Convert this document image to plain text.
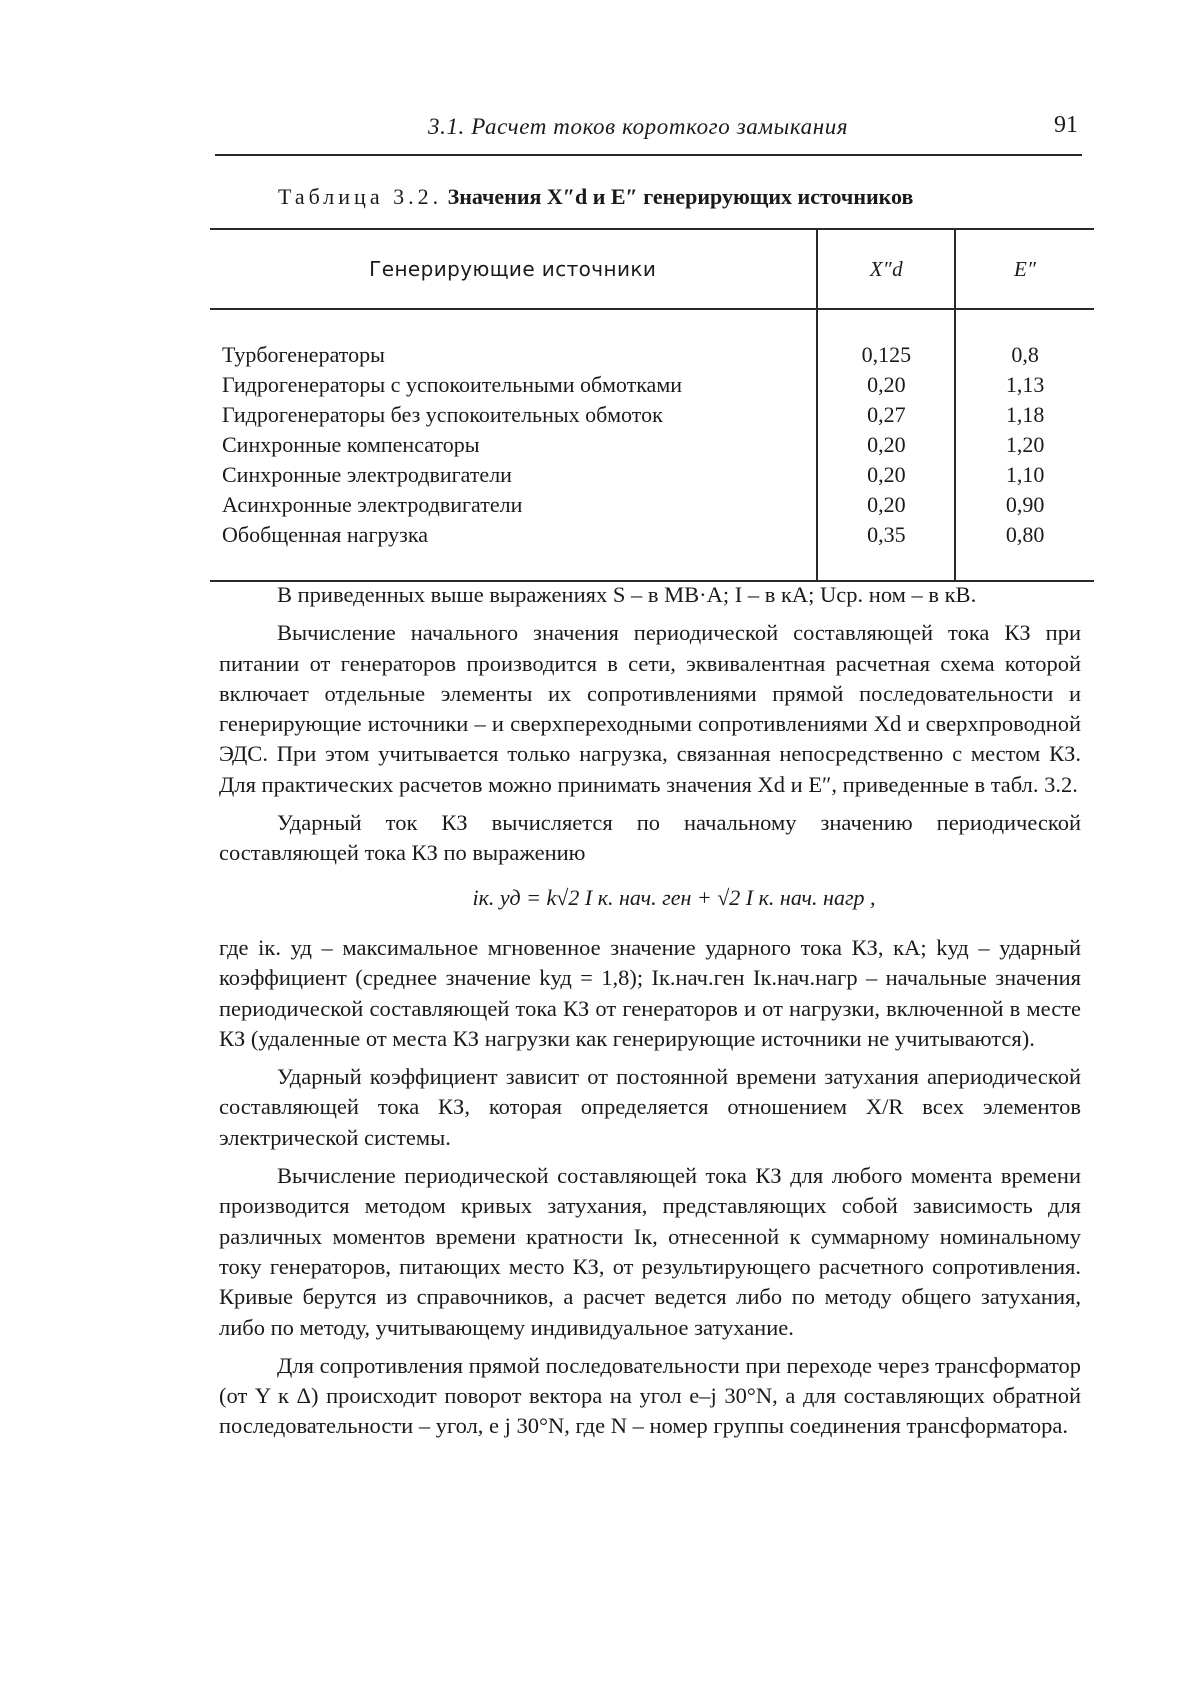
3.1. Расчет токов короткого замыкания	91
Таблица 3.2. Значения X″d и E″ генерирующих источников
Генерирующие источники	X″d	E″
Турбогенераторы	0,125	0,8
Гидрогенераторы с успокоительными обмотками	0,20	1,13
Гидрогенераторы без успокоительных обмоток	0,27	1,18
Синхронные компенсаторы	0,20	1,20
Синхронные электродвигатели	0,20	1,10
Асинхронные электродвигатели	0,20	0,90
Обобщенная нагрузка	0,35	0,80

В приведенных выше выражениях S – в МВ·А; I – в кА; Uср. ном – в кВ.

Вычисление начального значения периодической составляющей тока КЗ при питании от генераторов производится в сети, эквивалентная расчетная схема которой включает отдельные элементы их сопротивлениями прямой последовательности и генерирующие источники – и сверхпереходными сопротивлениями Xd и сверхпроводной ЭДС. При этом учитывается только нагрузка, связанная непосредственно с местом КЗ. Для практических расчетов можно принимать значения Xd и E″, приведенные в табл. 3.2.

Ударный ток КЗ вычисляется по начальному значению периодической составляющей тока КЗ по выражению

iк. уд = k√2 I к. нач. ген + √2 I к. нач. нагр ,

где iк. уд – максимальное мгновенное значение ударного тока КЗ, кА; kуд – ударный коэффициент (среднее значение kуд = 1,8); Iк.нач.ген Iк.нач.нагр – начальные значения периодической составляющей тока КЗ от генераторов и от нагрузки, включенной в месте КЗ (удаленные от места КЗ нагрузки как генерирующие источники не учитываются).

Ударный коэффициент зависит от постоянной времени затухания апериодической составляющей тока КЗ, которая определяется отношением X/R всех элементов электрической системы.

Вычисление периодической составляющей тока КЗ для любого момента времени производится методом кривых затухания, представляющих собой зависимость для различных моментов времени кратности Iк, отнесенной к суммарному номинальному току генераторов, питающих место КЗ, от результирующего расчетного сопротивления. Кривые берутся из справочников, а расчет ведется либо по методу общего затухания, либо по методу, учитывающему индивидуальное затухание.

Для сопротивления прямой последовательности при переходе через трансформатор (от Y к Δ) происходит поворот вектора на угол e–j 30°N, а для составляющих обратной последовательности – угол, e j 30°N, где N – номер группы соединения трансформатора.
